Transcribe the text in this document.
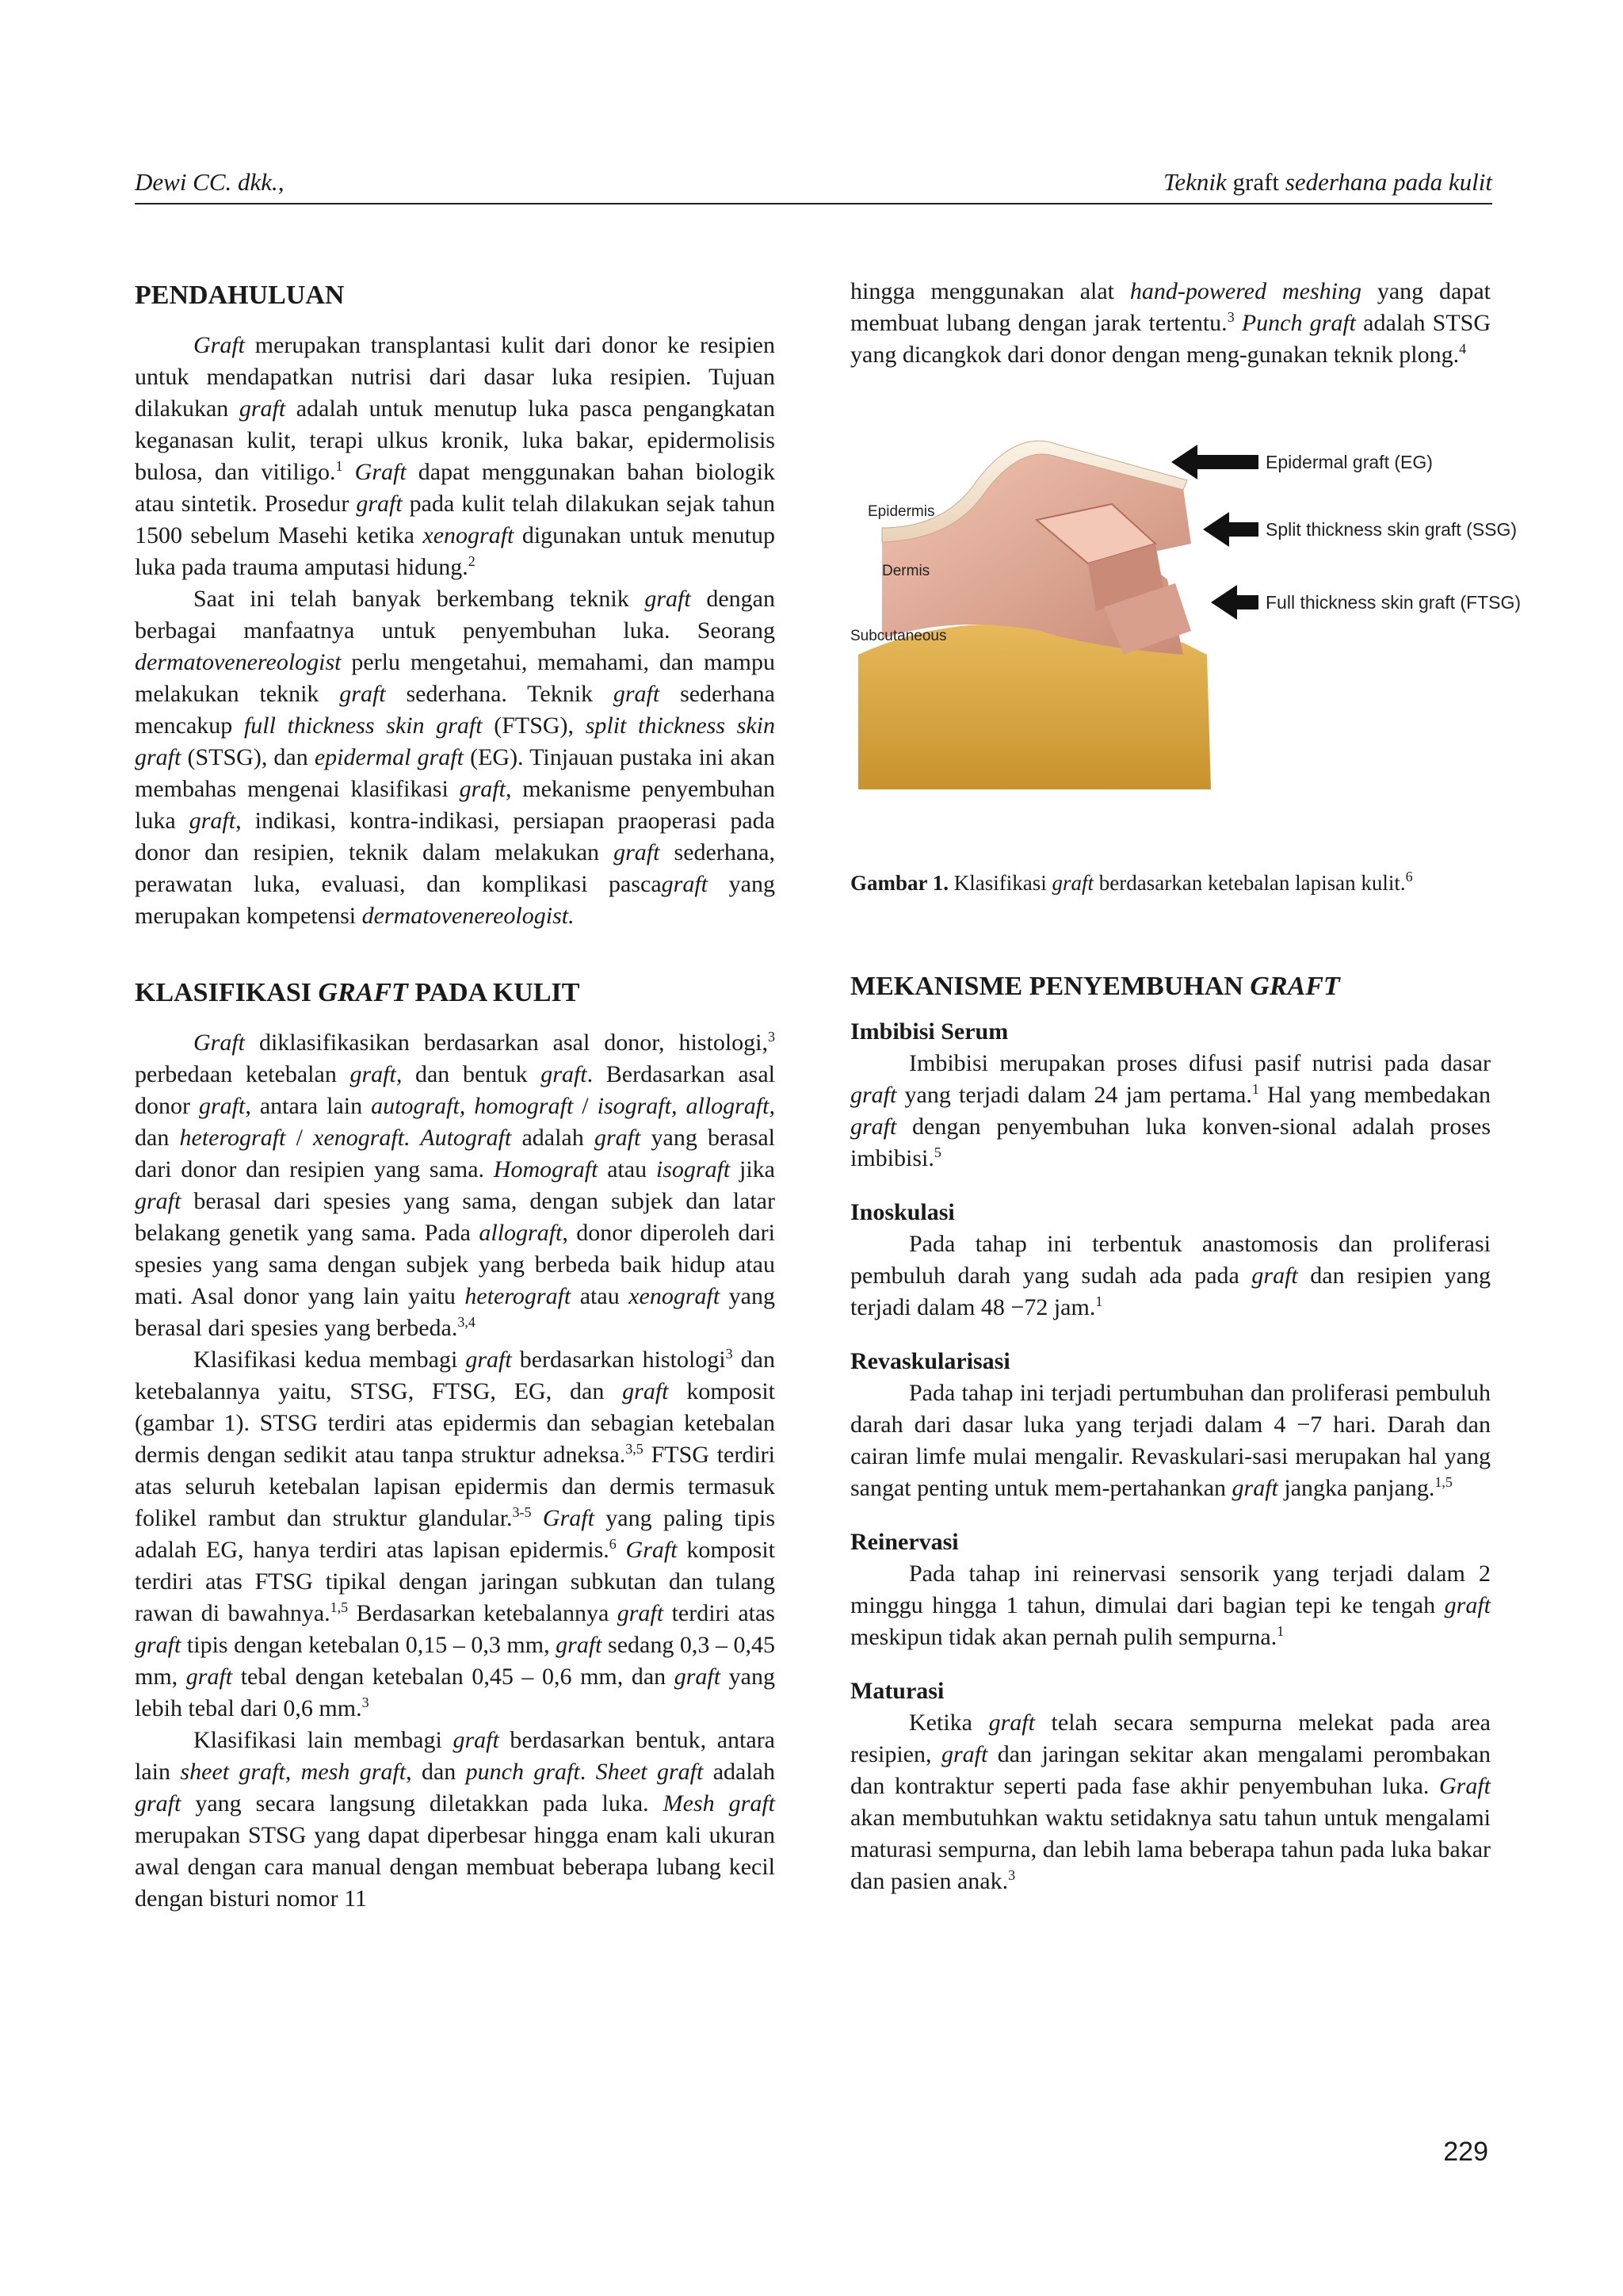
Dewi CC. dkk.,	Teknik graft sederhana pada kulit
PENDAHULUAN

Graft merupakan transplantasi kulit dari donor ke resipien untuk mendapatkan nutrisi dari dasar luka resipien. Tujuan dilakukan graft adalah untuk menutup luka pasca pengangkatan keganasan kulit, terapi ulkus kronik, luka bakar, epidermolisis bulosa, dan vitiligo.$^1$ Graft dapat menggunakan bahan biologik atau sintetik. Prosedur graft pada kulit telah dilakukan sejak tahun 1500 sebelum Masehi ketika xenograft digunakan untuk menutup luka pada trauma amputasi hidung.$^2$

Saat ini telah banyak berkembang teknik graft dengan berbagai manfaatnya untuk penyembuhan luka. Seorang dermatovenereologist perlu mengetahui, memahami, dan mampu melakukan teknik graft sederhana. Teknik graft sederhana mencakup full thickness skin graft (FTSG), split thickness skin graft (STSG), dan epidermal graft (EG). Tinjauan pustaka ini akan membahas mengenai klasifikasi graft, mekanisme penyembuhan luka graft, indikasi, kontra-indikasi, persiapan praoperasi pada donor dan resipien, teknik dalam melakukan graft sederhana, perawatan luka, evaluasi, dan komplikasi pascagraft yang merupakan kompetensi dermatovenereologist.

KLASIFIKASI GRAFT PADA KULIT

Graft diklasifikasikan berdasarkan asal donor, histologi,$^3$ perbedaan ketebalan graft, dan bentuk graft. Berdasarkan asal donor graft, antara lain autograft, homograft / isograft, allograft, dan heterograft / xenograft. Autograft adalah graft yang berasal dari donor dan resipien yang sama. Homograft atau isograft jika graft berasal dari spesies yang sama, dengan subjek dan latar belakang genetik yang sama. Pada allograft, donor diperoleh dari spesies yang sama dengan subjek yang berbeda baik hidup atau mati. Asal donor yang lain yaitu heterograft atau xenograft yang berasal dari spesies yang berbeda.$^{3,4}$

Klasifikasi kedua membagi graft berdasarkan histologi$^3$ dan ketebalannya yaitu, STSG, FTSG, EG, dan graft komposit (gambar 1). STSG terdiri atas epidermis dan sebagian ketebalan dermis dengan sedikit atau tanpa struktur adneksa.$^{3,5}$ FTSG terdiri atas seluruh ketebalan lapisan epidermis dan dermis termasuk folikel rambut dan struktur glandular.$^{3-5}$ Graft yang paling tipis adalah EG, hanya terdiri atas lapisan epidermis.$^6$ Graft komposit terdiri atas FTSG tipikal dengan jaringan subkutan dan tulang rawan di bawahnya.$^{1,5}$ Berdasarkan ketebalannya graft terdiri atas graft tipis dengan ketebalan 0,15 – 0,3 mm, graft sedang 0,3 – 0,45 mm, graft tebal dengan ketebalan 0,45 – 0,6 mm, dan graft yang lebih tebal dari 0,6 mm.$^3$

Klasifikasi lain membagi graft berdasarkan bentuk, antara lain sheet graft, mesh graft, dan punch graft. Sheet graft adalah graft yang secara langsung diletakkan pada luka. Mesh graft merupakan STSG yang dapat diperbesar hingga enam kali ukuran awal dengan cara manual dengan membuat beberapa lubang kecil dengan bisturi nomor 11

hingga menggunakan alat hand-powered meshing yang dapat membuat lubang dengan jarak tertentu.$^3$ Punch graft adalah STSG yang dicangkok dari donor dengan meng-gunakan teknik plong.$^4$

Epidermis
Dermis
Subcutaneous
Epidermal graft (EG)
Split thickness skin graft (SSG)
Full thickness skin graft (FTSG)
Gambar 1. Klasifikasi graft berdasarkan ketebalan lapisan kulit.$^6$
MEKANISME PENYEMBUHAN GRAFT
Imbibisi Serum

Imbibisi merupakan proses difusi pasif nutrisi pada dasar graft yang terjadi dalam 24 jam pertama.$^1$ Hal yang membedakan graft dengan penyembuhan luka konven-sional adalah proses imbibisi.$^5$

Inoskulasi

Pada tahap ini terbentuk anastomosis dan proliferasi pembuluh darah yang sudah ada pada graft dan resipien yang terjadi dalam 48 −72 jam.$^1$

Revaskularisasi

Pada tahap ini terjadi pertumbuhan dan proliferasi pembuluh darah dari dasar luka yang terjadi dalam 4 −7 hari. Darah dan cairan limfe mulai mengalir. Revaskulari-sasi merupakan hal yang sangat penting untuk mem-pertahankan graft jangka panjang.$^{1,5}$

Reinervasi

Pada tahap ini reinervasi sensorik yang terjadi dalam 2 minggu hingga 1 tahun, dimulai dari bagian tepi ke tengah graft meskipun tidak akan pernah pulih sempurna.$^1$

Maturasi

Ketika graft telah secara sempurna melekat pada area resipien, graft dan jaringan sekitar akan mengalami perombakan dan kontraktur seperti pada fase akhir penyembuhan luka. Graft akan membutuhkan waktu setidaknya satu tahun untuk mengalami maturasi sempurna, dan lebih lama beberapa tahun pada luka bakar dan pasien anak.$^3$

229
